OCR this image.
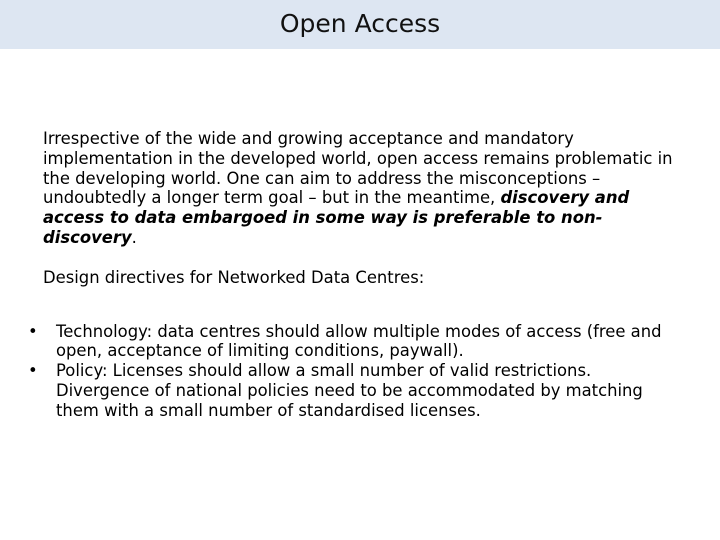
Open Access

Irrespective of the wide and growing acceptance and mandatory implementation in the developed world, open access remains problematic in the developing world. One can aim to address the misconceptions – undoubtedly a longer term goal – but in the meantime, discovery and access to data embargoed in some way is preferable to non-discovery.

Design directives for Networked Data Centres:

• Technology: data centres should allow multiple modes of access (free and open, acceptance of limiting conditions, paywall).
• Policy: Licenses should allow a small number of valid restrictions. Divergence of national policies need to be accommodated by matching them with a small number of standardised licenses.
